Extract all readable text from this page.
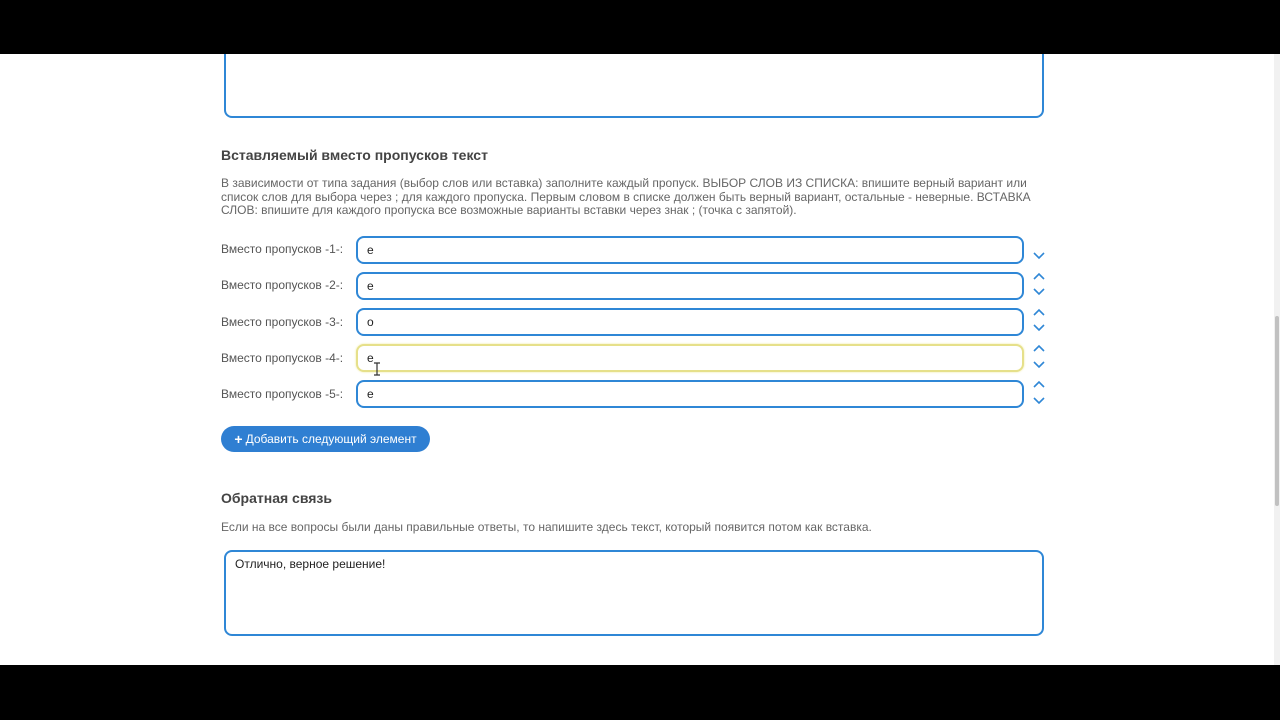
Вставляемый вместо пропусков текст
В зависимости от типа задания (выбор слов или вставка) заполните каждый пропуск. ВЫБОР СЛОВ ИЗ СПИСКА: впишите верный вариант или список слов для выбора через ; для каждого пропуска. Первым словом в списке должен быть верный вариант, остальные - неверные. ВСТАВКА СЛОВ: впишите для каждого пропуска все возможные варианты вставки через знак ; (точка с запятой).
Вместо пропусков -1-:
е
Вместо пропусков -2-:
е
Вместо пропусков -3-:
о
Вместо пропусков -4-:
е
Вместо пропусков -5-:
е
+ Добавить следующий элемент
Обратная связь
Если на все вопросы были даны правильные ответы, то напишите здесь текст, который появится потом как вставка.
Отлично, верное решение!
